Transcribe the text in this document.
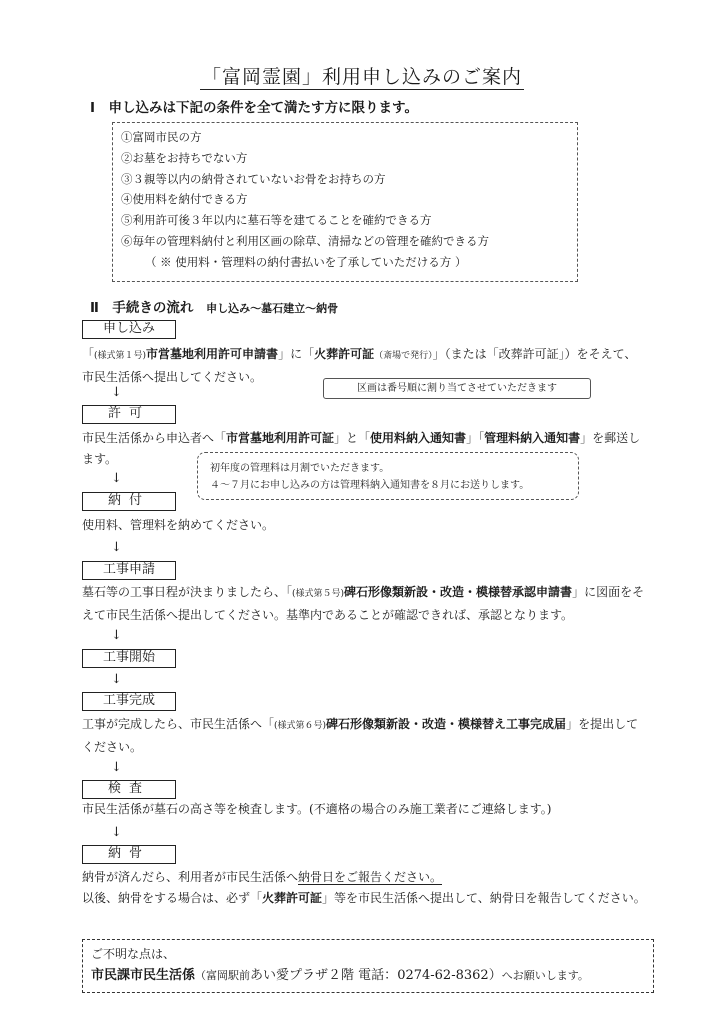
「富岡霊園」利用申し込みのご案内
Ⅰ　申し込みは下記の条件を全て満たす方に限ります。
①富岡市民の方
②お墓をお持ちでない方
③３親等以内の納骨されていないお骨をお持ちの方
④使用料を納付できる方
⑤利用許可後３年以内に墓石等を建てることを確約できる方
⑥毎年の管理料納付と利用区画の除草、清掃などの管理を確約できる方
（ ※ 使用料・管理料の納付書払いを了承していただける方 ）
Ⅱ　手続きの流れ 申し込み〜墓石建立〜納骨
申し込み
「(様式第１号)市営墓地利用許可申請書」に「火葬許可証（斎場で発行）」（または「改葬許可証」）をそえて、市民生活係へ提出してください。
区画は番号順に割り当てさせていただきます
↓
許可
市民生活係から申込者へ「市営墓地利用許可証」と「使用料納入通知書」「管理料納入通知書」を郵送します。
初年度の管理料は月割でいただきます。
４〜７月にお申し込みの方は管理料納入通知書を８月にお送りします。
↓
納付
使用料、管理料を納めてください。
↓
工事申請
墓石等の工事日程が決まりましたら、「(様式第５号)碑石形像類新設・改造・模様替承認申請書」に図面をそえて市民生活係へ提出してください。基準内であることが確認できれば、承認となります。
↓
工事開始
↓
工事完成
工事が完成したら、市民生活係へ「(様式第６号)碑石形像類新設・改造・模様替え工事完成届」を提出してください。
↓
検査
市民生活係が墓石の高さ等を検査します。(不適格の場合のみ施工業者にご連絡します。)
↓
納骨
納骨が済んだら、利用者が市民生活係へ納骨日をご報告ください。
以後、納骨をする場合は、必ず「火葬許可証」等を市民生活係へ提出して、納骨日を報告してください。
ご不明な点は、
市民課市民生活係（富岡駅前あい愛プラザ２階 電話：0274-62-8362）へお願いします。
